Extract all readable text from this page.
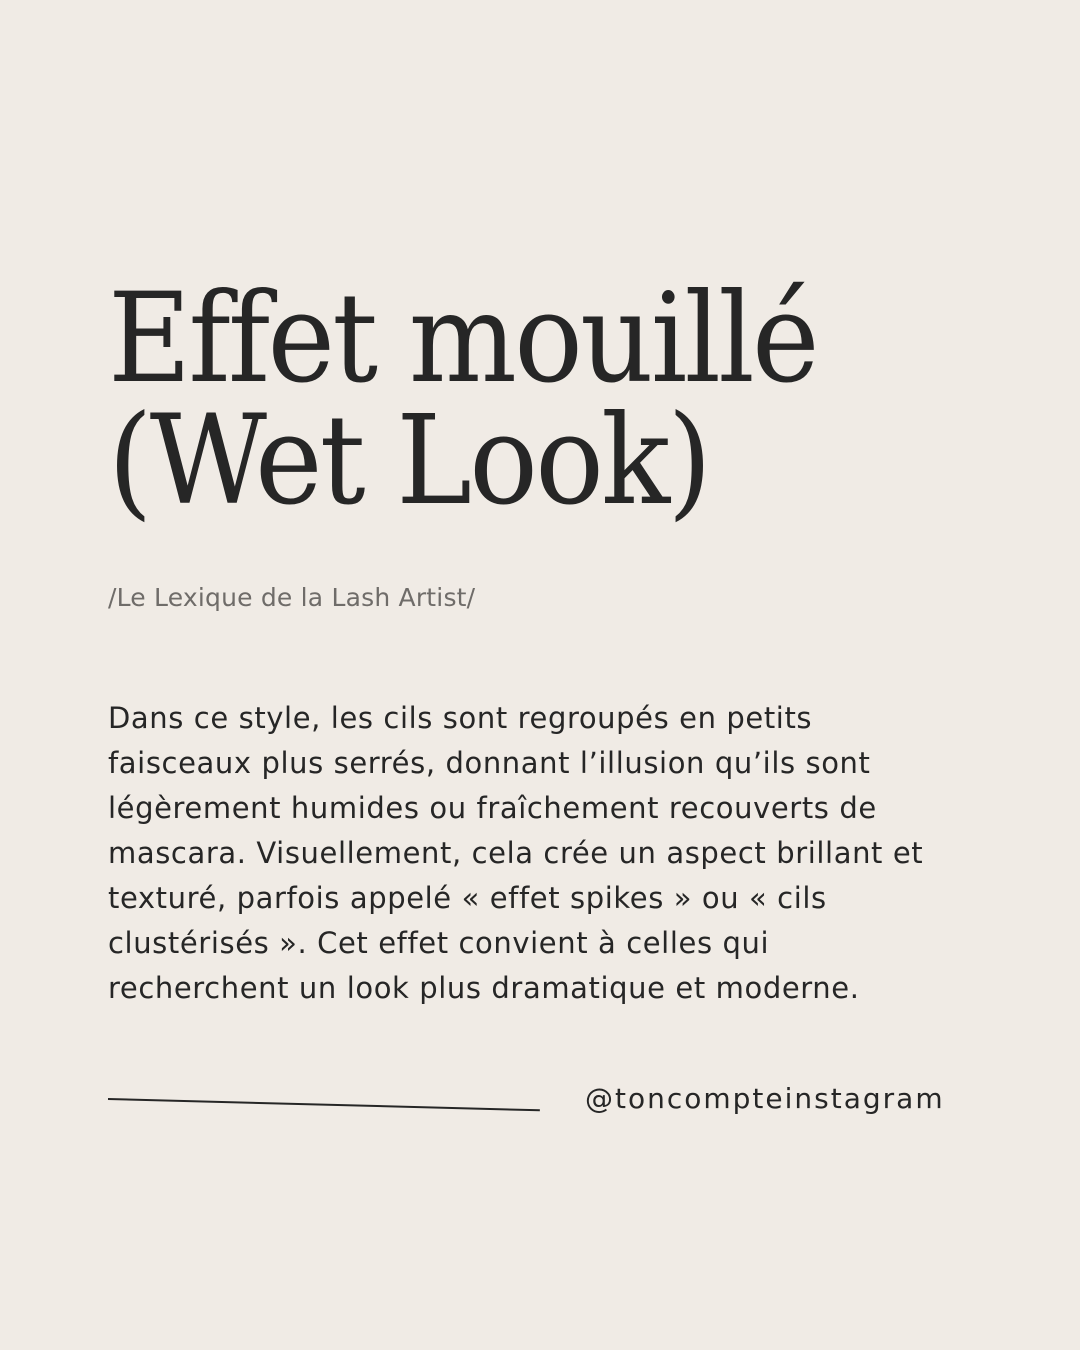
Effet mouillé
(Wet Look)

/Le Lexique de la Lash Artist/

Dans ce style, les cils sont regroupés en petits faisceaux plus serrés, donnant l’illusion qu’ils sont légèrement humides ou fraîchement recouverts de mascara. Visuellement, cela crée un aspect brillant et texturé, parfois appelé « effet spikes » ou « cils clustérisés ». Cet effet convient à celles qui recherchent un look plus dramatique et moderne.

@toncompteinstagram
